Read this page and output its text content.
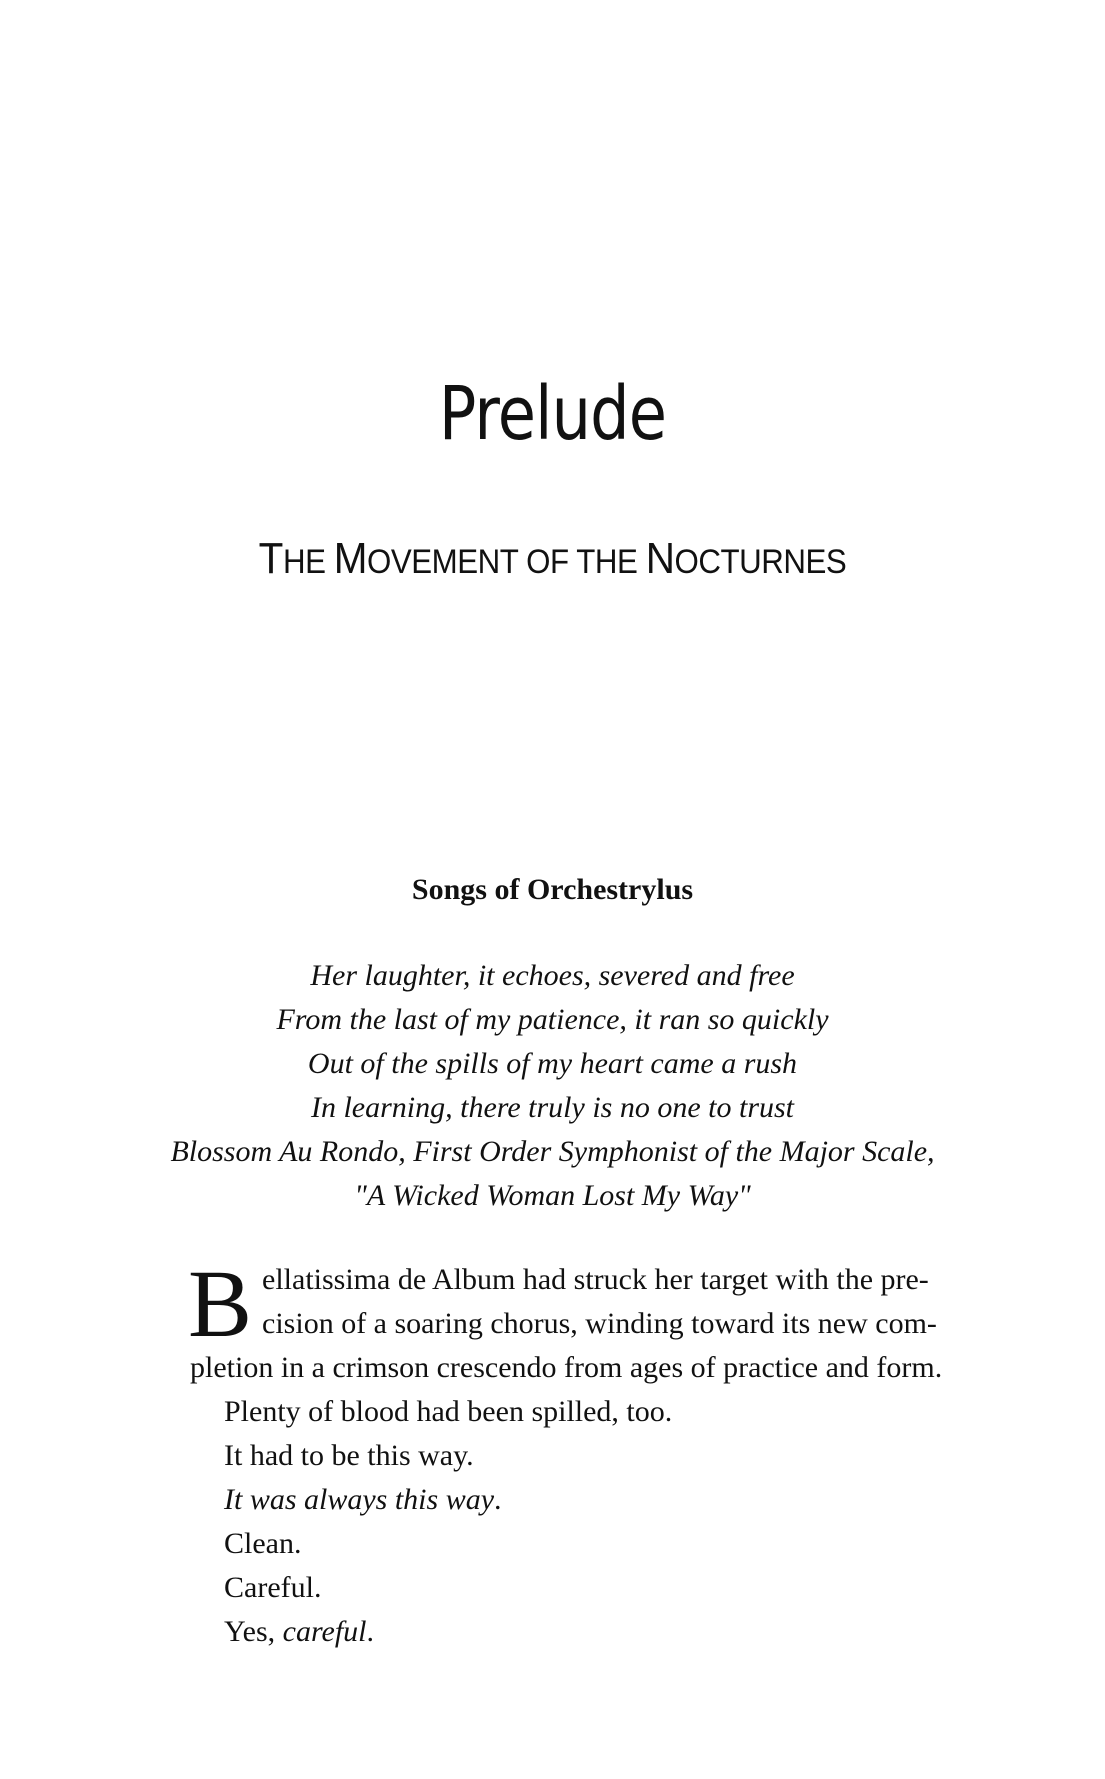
Prelude
THE MOVEMENT OF THE NOCTURNES
Songs of Orchestrylus
Her laughter, it echoes, severed and free
From the last of my patience, it ran so quickly
Out of the spills of my heart came a rush
In learning, there truly is no one to trust
Blossom Au Rondo, First Order Symphonist of the Major Scale,
"A Wicked Woman Lost My Way"

B ellatissima de Album had struck her target with the pre-
cision of a soaring chorus, winding toward its new com-
pletion in a crimson crescendo from ages of practice and form.

Plenty of blood had been spilled, too.

It had to be this way.

It was always this way.

Clean.

Careful.

Yes, careful.
